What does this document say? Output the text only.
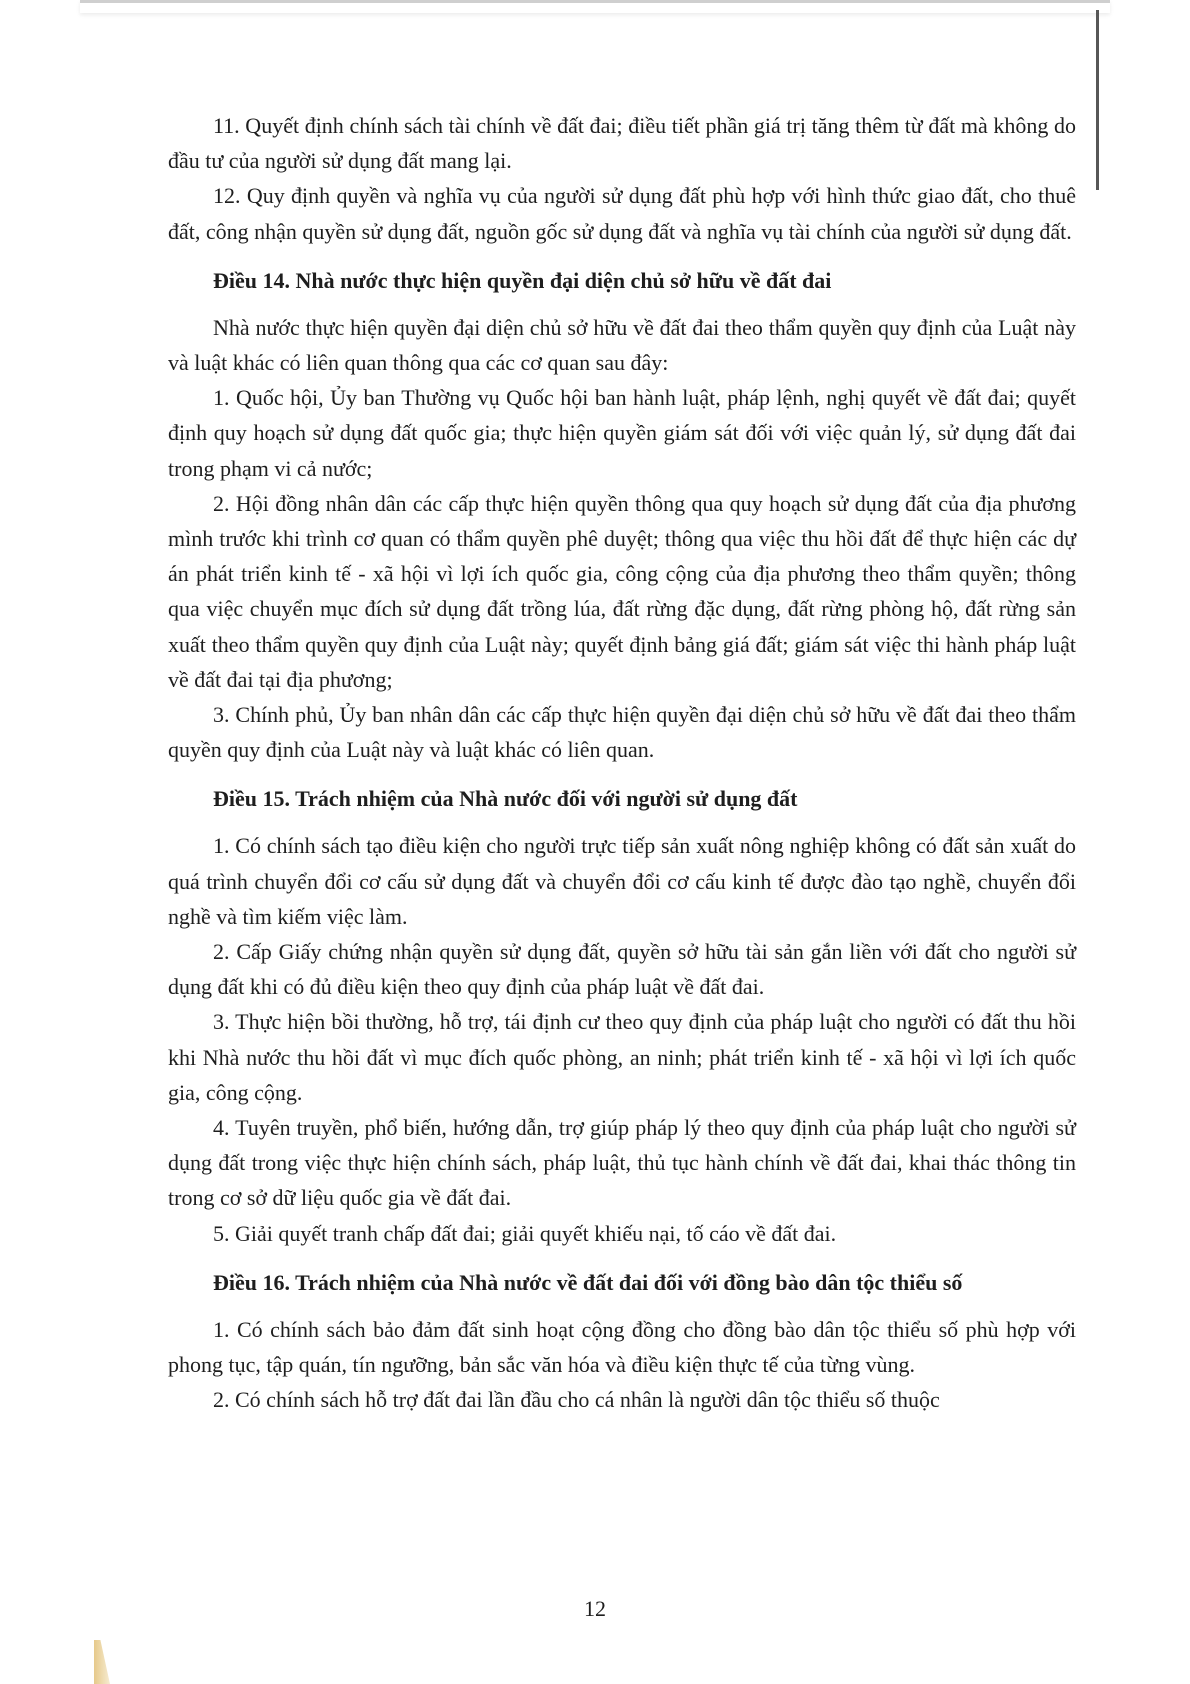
11. Quyết định chính sách tài chính về đất đai; điều tiết phần giá trị tăng thêm từ đất mà không do đầu tư của người sử dụng đất mang lại.

12. Quy định quyền và nghĩa vụ của người sử dụng đất phù hợp với hình thức giao đất, cho thuê đất, công nhận quyền sử dụng đất, nguồn gốc sử dụng đất và nghĩa vụ tài chính của người sử dụng đất.

Điều 14. Nhà nước thực hiện quyền đại diện chủ sở hữu về đất đai

Nhà nước thực hiện quyền đại diện chủ sở hữu về đất đai theo thẩm quyền quy định của Luật này và luật khác có liên quan thông qua các cơ quan sau đây:

1. Quốc hội, Ủy ban Thường vụ Quốc hội ban hành luật, pháp lệnh, nghị quyết về đất đai; quyết định quy hoạch sử dụng đất quốc gia; thực hiện quyền giám sát đối với việc quản lý, sử dụng đất đai trong phạm vi cả nước;

2. Hội đồng nhân dân các cấp thực hiện quyền thông qua quy hoạch sử dụng đất của địa phương mình trước khi trình cơ quan có thẩm quyền phê duyệt; thông qua việc thu hồi đất để thực hiện các dự án phát triển kinh tế - xã hội vì lợi ích quốc gia, công cộng của địa phương theo thẩm quyền; thông qua việc chuyển mục đích sử dụng đất trồng lúa, đất rừng đặc dụng, đất rừng phòng hộ, đất rừng sản xuất theo thẩm quyền quy định của Luật này; quyết định bảng giá đất; giám sát việc thi hành pháp luật về đất đai tại địa phương;

3. Chính phủ, Ủy ban nhân dân các cấp thực hiện quyền đại diện chủ sở hữu về đất đai theo thẩm quyền quy định của Luật này và luật khác có liên quan.

Điều 15. Trách nhiệm của Nhà nước đối với người sử dụng đất

1. Có chính sách tạo điều kiện cho người trực tiếp sản xuất nông nghiệp không có đất sản xuất do quá trình chuyển đổi cơ cấu sử dụng đất và chuyển đổi cơ cấu kinh tế được đào tạo nghề, chuyển đổi nghề và tìm kiếm việc làm.

2. Cấp Giấy chứng nhận quyền sử dụng đất, quyền sở hữu tài sản gắn liền với đất cho người sử dụng đất khi có đủ điều kiện theo quy định của pháp luật về đất đai.

3. Thực hiện bồi thường, hỗ trợ, tái định cư theo quy định của pháp luật cho người có đất thu hồi khi Nhà nước thu hồi đất vì mục đích quốc phòng, an ninh; phát triển kinh tế - xã hội vì lợi ích quốc gia, công cộng.

4. Tuyên truyền, phổ biến, hướng dẫn, trợ giúp pháp lý theo quy định của pháp luật cho người sử dụng đất trong việc thực hiện chính sách, pháp luật, thủ tục hành chính về đất đai, khai thác thông tin trong cơ sở dữ liệu quốc gia về đất đai.

5. Giải quyết tranh chấp đất đai; giải quyết khiếu nại, tố cáo về đất đai.

Điều 16. Trách nhiệm của Nhà nước về đất đai đối với đồng bào dân tộc thiểu số

1. Có chính sách bảo đảm đất sinh hoạt cộng đồng cho đồng bào dân tộc thiểu số phù hợp với phong tục, tập quán, tín ngưỡng, bản sắc văn hóa và điều kiện thực tế của từng vùng.

2. Có chính sách hỗ trợ đất đai lần đầu cho cá nhân là người dân tộc thiểu số thuộc

12
